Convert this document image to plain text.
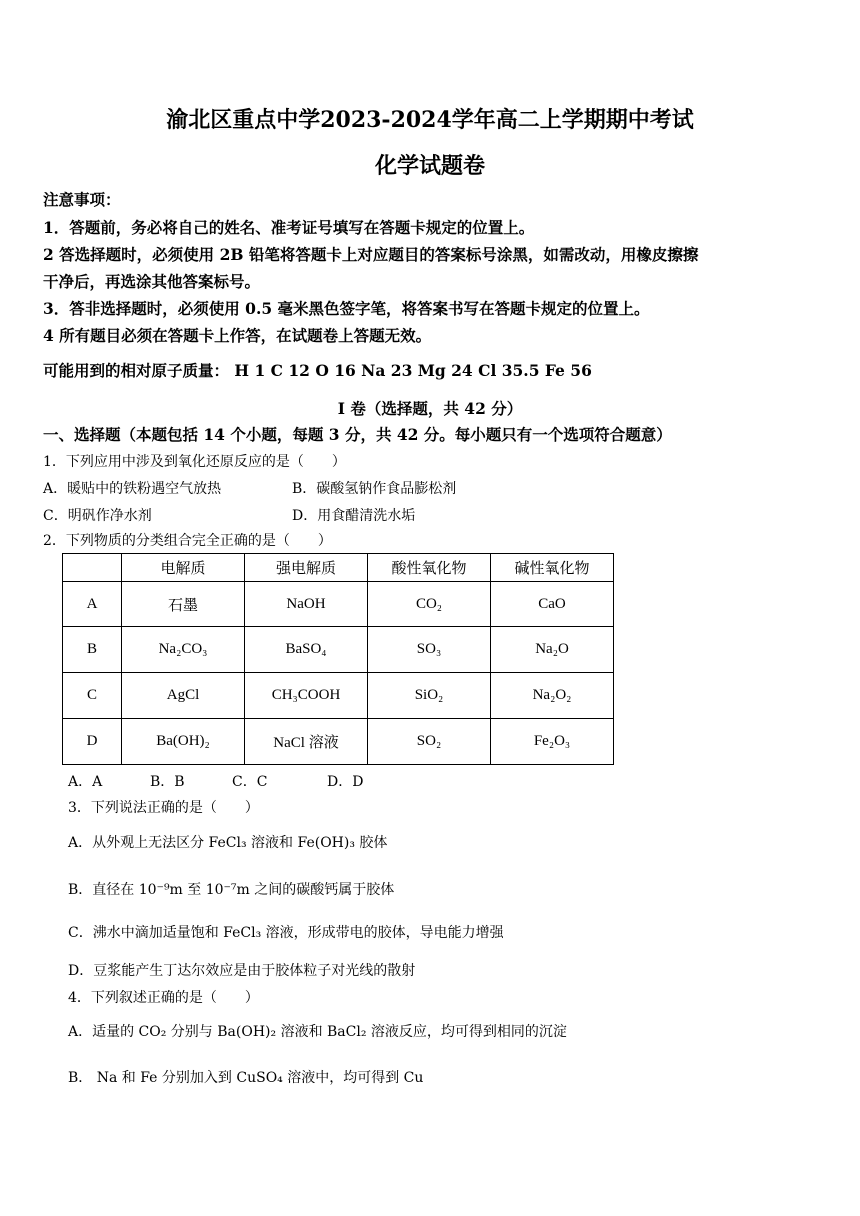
渝北区重点中学2023-2024学年高二上学期期中考试
化学试题卷
注意事项：
1．答题前，务必将自己的姓名、准考证号填写在答题卡规定的位置上。
2 答选择题时，必须使用 2B 铅笔将答题卡上对应题目的答案标号涂黑，如需改动，用橡皮擦擦
干净后，再选涂其他答案标号。
3．答非选择题时，必须使用 0.5 毫米黑色签字笔，将答案书写在答题卡规定的位置上。
4 所有题目必须在答题卡上作答，在试题卷上答题无效。
可能用到的相对原子质量： H 1 C 12 O 16 Na 23 Mg 24 Cl 35.5 Fe 56
I 卷（选择题，共 42 分）
一、选择题（本题包括 14 个小题，每题 3 分，共 42 分。每小题只有一个选项符合题意）
1．下列应用中涉及到氧化还原反应的是（　　）
A．暖贴中的铁粉遇空气放热	B．碳酸氢钠作食品膨松剂
C．明矾作净水剂	D．用食醋清洗水垢
2．下列物质的分类组合完全正确的是（　　）
	电解质	强电解质	酸性氧化物	碱性氧化物
A	石墨	NaOH	CO₂	CaO
B	Na₂CO₃	BaSO₄	SO₃	Na₂O
C	AgCl	CH₃COOH	SiO₂	Na₂O₂
D	Ba(OH)₂	NaCl 溶液	SO₂	Fe₂O₃
A．A	B．B	C．C	D．D
3．下列说法正确的是（　　）
A．从外观上无法区分 FeCl₃ 溶液和 Fe(OH)₃ 胶体
B．直径在 10⁻⁹m 至 10⁻⁷m 之间的碳酸钙属于胶体
C．沸水中滴加适量饱和 FeCl₃ 溶液，形成带电的胶体，导电能力增强
D．豆浆能产生丁达尔效应是由于胶体粒子对光线的散射
4．下列叙述正确的是（　　）
A．适量的 CO₂ 分别与 Ba(OH)₂ 溶液和 BaCl₂ 溶液反应，均可得到相同的沉淀
B． Na 和 Fe 分别加入到 CuSO₄ 溶液中，均可得到 Cu
